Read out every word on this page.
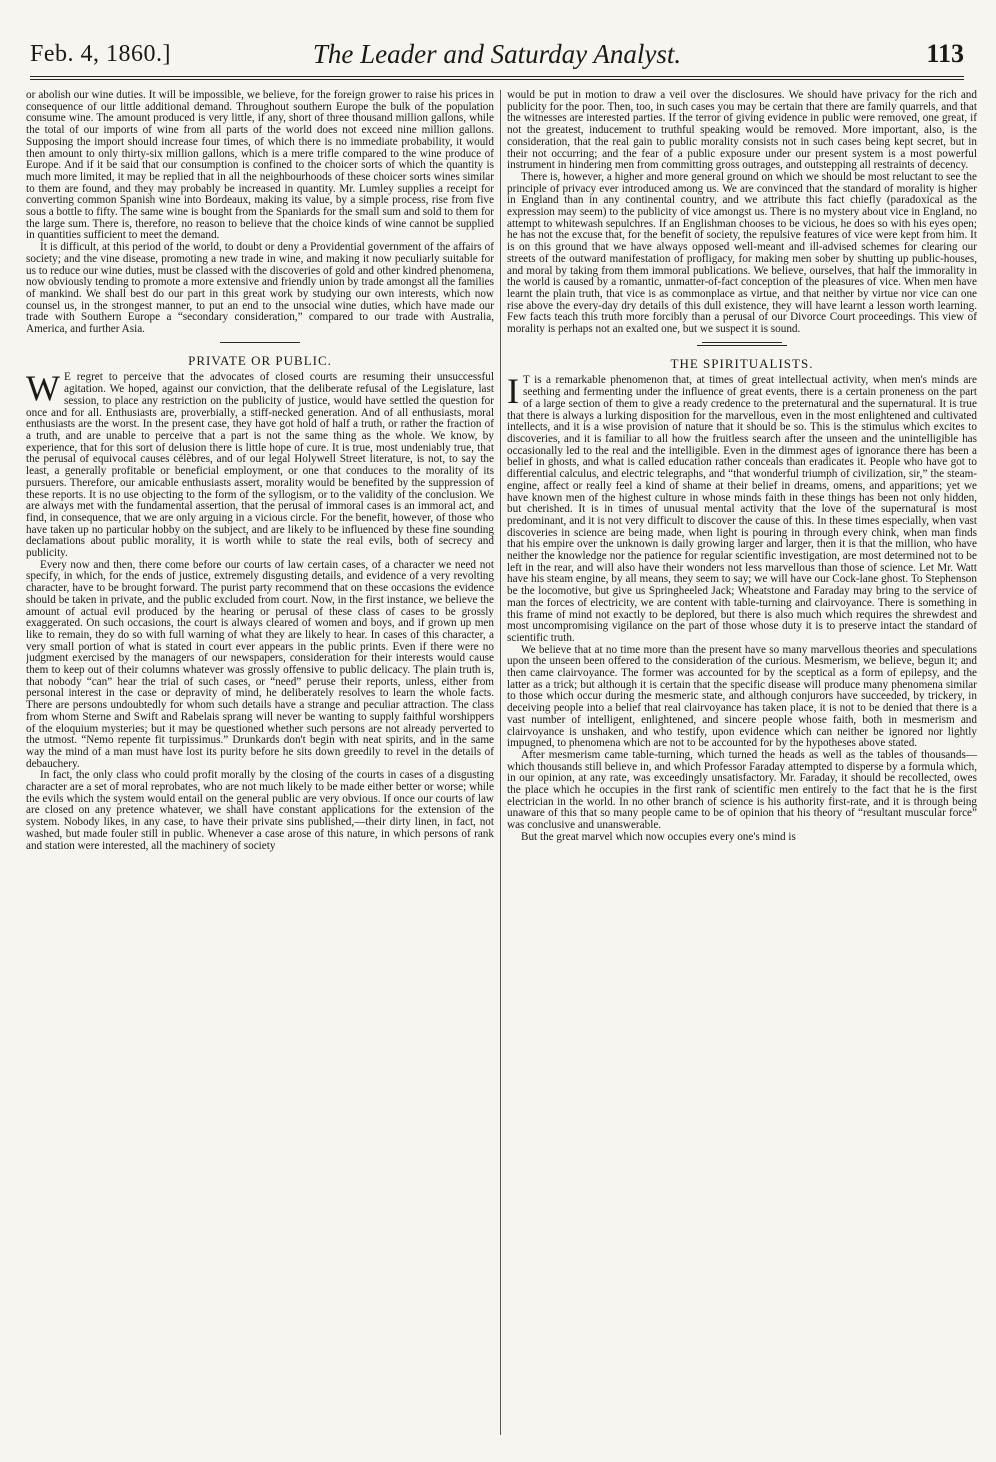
Feb. 4, 1860.]	The Leader and Saturday Analyst.	113

or abolish our wine duties. It will be impossible, we believe, for the foreign grower to raise his prices in consequence of our little additional demand. Throughout southern Europe the bulk of the population consume wine. The amount produced is very little, if any, short of three thousand million gallons, while the total of our imports of wine from all parts of the world does not exceed nine million gallons. Supposing the import should increase four times, of which there is no immediate probability, it would then amount to only thirty-six million gallons, which is a mere trifle compared to the wine produce of Europe. And if it be said that our consumption is confined to the choicer sorts of which the quantity is much more limited, it may be replied that in all the neighbourhoods of these choicer sorts wines similar to them are found, and they may probably be increased in quantity. Mr. Lumley supplies a receipt for converting common Spanish wine into Bordeaux, making its value, by a simple process, rise from five sous a bottle to fifty. The same wine is bought from the Spaniards for the small sum and sold to them for the large sum. There is, therefore, no reason to believe that the choice kinds of wine cannot be supplied in quantities sufficient to meet the demand.

It is difficult, at this period of the world, to doubt or deny a Providential government of the affairs of society; and the vine disease, promoting a new trade in wine, and making it now peculiarly suitable for us to reduce our wine duties, must be classed with the discoveries of gold and other kindred phenomena, now obviously tending to promote a more extensive and friendly union by trade amongst all the families of mankind. We shall best do our part in this great work by studying our own interests, which now counsel us, in the strongest manner, to put an end to the unsocial wine duties, which have made our trade with Southern Europe a “secondary consideration,” compared to our trade with Australia, America, and further Asia.

PRIVATE OR PUBLIC.

W E regret to perceive that the advocates of closed courts are resuming their unsuccessful agitation. We hoped, against our conviction, that the deliberate refusal of the Legislature, last session, to place any restriction on the publicity of justice, would have settled the question for once and for all. Enthusiasts are, proverbially, a stiff-necked generation. And of all enthusiasts, moral enthusiasts are the worst. In the present case, they have got hold of half a truth, or rather the fraction of a truth, and are unable to perceive that a part is not the same thing as the whole. We know, by experience, that for this sort of delusion there is little hope of cure. It is true, most undeniably true, that the perusal of equivocal causes célèbres, and of our legal Holywell Street literature, is not, to say the least, a generally profitable or beneficial employment, or one that conduces to the morality of its pursuers. Therefore, our amicable enthusiasts assert, morality would be benefited by the suppression of these reports. It is no use objecting to the form of the syllogism, or to the validity of the conclusion. We are always met with the fundamental assertion, that the perusal of immoral cases is an immoral act, and find, in consequence, that we are only arguing in a vicious circle. For the benefit, however, of those who have taken up no particular hobby on the subject, and are likely to be influenced by these fine sounding declamations about public morality, it is worth while to state the real evils, both of secrecy and publicity.

Every now and then, there come before our courts of law certain cases, of a character we need not specify, in which, for the ends of justice, extremely disgusting details, and evidence of a very revolting character, have to be brought forward. The purist party recommend that on these occasions the evidence should be taken in private, and the public excluded from court. Now, in the first instance, we believe the amount of actual evil produced by the hearing or perusal of these class of cases to be grossly exaggerated. On such occasions, the court is always cleared of women and boys, and if grown up men like to remain, they do so with full warning of what they are likely to hear. In cases of this character, a very small portion of what is stated in court ever appears in the public prints. Even if there were no judgment exercised by the managers of our newspapers, consideration for their interests would cause them to keep out of their columns whatever was grossly offensive to public delicacy. The plain truth is, that nobody “can” hear the trial of such cases, or “need” peruse their reports, unless, either from personal interest in the case or depravity of mind, he deliberately resolves to learn the whole facts. There are persons undoubtedly for whom such details have a strange and peculiar attraction. The class from whom Sterne and Swift and Rabelais sprang will never be wanting to supply faithful worshippers of the eloquium mysteries; but it may be questioned whether such persons are not already perverted to the utmost. “Nemo repente fit turpissimus.” Drunkards don't begin with neat spirits, and in the same way the mind of a man must have lost its purity before he sits down greedily to revel in the details of debauchery.

In fact, the only class who could profit morally by the closing of the courts in cases of a disgusting character are a set of moral reprobates, who are not much likely to be made either better or worse; while the evils which the system would entail on the general public are very obvious. If once our courts of law are closed on any pretence whatever, we shall have constant applications for the extension of the system. Nobody likes, in any case, to have their private sins published,—their dirty linen, in fact, not washed, but made fouler still in public. Whenever a case arose of this nature, in which persons of rank and station were interested, all the machinery of society

would be put in motion to draw a veil over the disclosures. We should have privacy for the rich and publicity for the poor. Then, too, in such cases you may be certain that there are family quarrels, and that the witnesses are interested parties. If the terror of giving evidence in public were removed, one great, if not the greatest, inducement to truthful speaking would be removed. More important, also, is the consideration, that the real gain to public morality consists not in such cases being kept secret, but in their not occurring; and the fear of a public exposure under our present system is a most powerful instrument in hindering men from committing gross outrages, and outstepping all restraints of decency.

There is, however, a higher and more general ground on which we should be most reluctant to see the principle of privacy ever introduced among us. We are convinced that the standard of morality is higher in England than in any continental country, and we attribute this fact chiefly (paradoxical as the expression may seem) to the publicity of vice amongst us. There is no mystery about vice in England, no attempt to whitewash sepulchres. If an Englishman chooses to be vicious, he does so with his eyes open; he has not the excuse that, for the benefit of society, the repulsive features of vice were kept from him. It is on this ground that we have always opposed well-meant and ill-advised schemes for clearing our streets of the outward manifestation of profligacy, for making men sober by shutting up public-houses, and moral by taking from them immoral publications. We believe, ourselves, that half the immorality in the world is caused by a romantic, unmatter-of-fact conception of the pleasures of vice. When men have learnt the plain truth, that vice is as commonplace as virtue, and that neither by virtue nor vice can one rise above the every-day dry details of this dull existence, they will have learnt a lesson worth learning. Few facts teach this truth more forcibly than a perusal of our Divorce Court proceedings. This view of morality is perhaps not an exalted one, but we suspect it is sound.

THE SPIRITUALISTS.

I T is a remarkable phenomenon that, at times of great intellectual activity, when men's minds are seething and fermenting under the influence of great events, there is a certain proneness on the part of a large section of them to give a ready credence to the preternatural and the supernatural. It is true that there is always a lurking disposition for the marvellous, even in the most enlightened and cultivated intellects, and it is a wise provision of nature that it should be so. This is the stimulus which excites to discoveries, and it is familiar to all how the fruitless search after the unseen and the unintelligible has occasionally led to the real and the intelligible. Even in the dimmest ages of ignorance there has been a belief in ghosts, and what is called education rather conceals than eradicates it. People who have got to differential calculus, and electric telegraphs, and “that wonderful triumph of civilization, sir,” the steam-engine, affect or really feel a kind of shame at their belief in dreams, omens, and apparitions; yet we have known men of the highest culture in whose minds faith in these things has been not only hidden, but cherished. It is in times of unusual mental activity that the love of the supernatural is most predominant, and it is not very difficult to discover the cause of this. In these times especially, when vast discoveries in science are being made, when light is pouring in through every chink, when man finds that his empire over the unknown is daily growing larger and larger, then it is that the million, who have neither the knowledge nor the patience for regular scientific investigation, are most determined not to be left in the rear, and will also have their wonders not less marvellous than those of science. Let Mr. Watt have his steam engine, by all means, they seem to say; we will have our Cock-lane ghost. To Stephenson be the locomotive, but give us Springheeled Jack; Wheatstone and Faraday may bring to the service of man the forces of electricity, we are content with table-turning and clairvoyance. There is something in this frame of mind not exactly to be deplored, but there is also much which requires the shrewdest and most uncompromising vigilance on the part of those whose duty it is to preserve intact the standard of scientific truth.

We believe that at no time more than the present have so many marvellous theories and speculations upon the unseen been offered to the consideration of the curious. Mesmerism, we believe, begun it; and then came clairvoyance. The former was accounted for by the sceptical as a form of epilepsy, and the latter as a trick; but although it is certain that the specific disease will produce many phenomena similar to those which occur during the mesmeric state, and although conjurors have succeeded, by trickery, in deceiving people into a belief that real clairvoyance has taken place, it is not to be denied that there is a vast number of intelligent, enlightened, and sincere people whose faith, both in mesmerism and clairvoyance is unshaken, and who testify, upon evidence which can neither be ignored nor lightly impugned, to phenomena which are not to be accounted for by the hypotheses above stated.

After mesmerism came table-turning, which turned the heads as well as the tables of thousands—which thousands still believe in, and which Professor Faraday attempted to disperse by a formula which, in our opinion, at any rate, was exceedingly unsatisfactory. Mr. Faraday, it should be recollected, owes the place which he occupies in the first rank of scientific men entirely to the fact that he is the first electrician in the world. In no other branch of science is his authority first-rate, and it is through being unaware of this that so many people came to be of opinion that his theory of “resultant muscular force” was conclusive and unanswerable.

But the great marvel which now occupies every one's mind is
